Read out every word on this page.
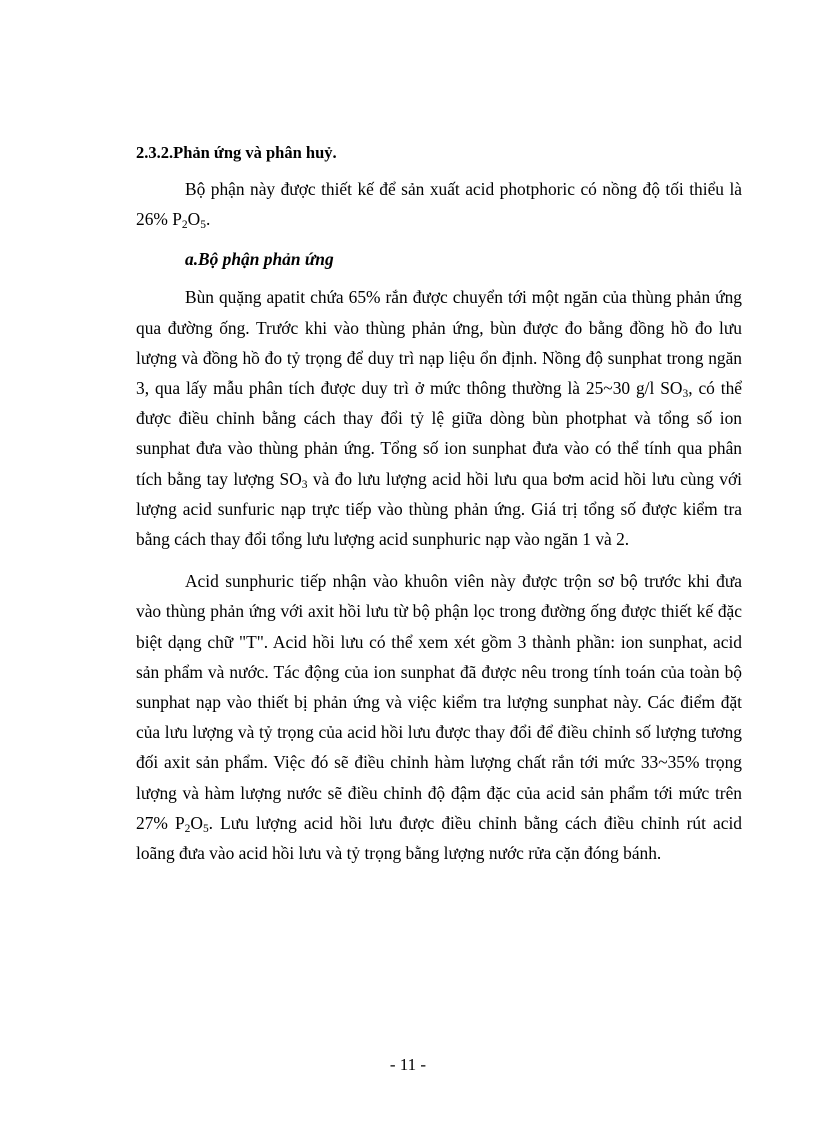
2.3.2.Phản ứng và phân huỷ.

Bộ phận này được thiết kế để sản xuất acid photphoric có nồng độ tối thiểu là 26% $P_2O_5$.

a.Bộ phận phản ứng

Bùn quặng apatit chứa 65% rắn được chuyển tới một ngăn của thùng phản ứng qua đường ống. Trước khi vào thùng phản ứng, bùn được đo bằng đồng hồ đo lưu lượng và đồng hồ đo tỷ trọng để duy trì nạp liệu ổn định. Nồng độ sunphat trong ngăn 3, qua lấy mẫu phân tích được duy trì ở mức thông thường là 25~30 g/l $SO_3$, có thể được điều chỉnh bằng cách thay đổi tỷ lệ giữa dòng bùn photphat và tổng số ion sunphat đưa vào thùng phản ứng. Tổng số ion sunphat đưa vào có thể tính qua phân tích bằng tay lượng $SO_3$ và đo lưu lượng acid hồi lưu qua bơm acid hồi lưu cùng với lượng acid sunfuric nạp trực tiếp vào thùng phản ứng. Giá trị tổng số được kiểm tra bằng cách thay đổi tổng lưu lượng acid sunphuric nạp vào ngăn 1 và 2.

Acid sunphuric tiếp nhận vào khuôn viên này được trộn sơ bộ trước khi đưa vào thùng phản ứng với axit hồi lưu từ bộ phận lọc trong đường ống được thiết kế đặc biệt dạng chữ "T". Acid hồi lưu có thể xem xét gồm 3 thành phần: ion sunphat, acid sản phẩm và nước. Tác động của ion sunphat đã được nêu trong tính toán của toàn bộ sunphat nạp vào thiết bị phản ứng và việc kiểm tra lượng sunphat này. Các điểm đặt của lưu lượng và tỷ trọng của acid hồi lưu được thay đổi để điều chỉnh số lượng tương đối axit sản phẩm. Việc đó sẽ điều chỉnh hàm lượng chất rắn tới mức 33~35% trọng lượng và hàm lượng nước sẽ điều chỉnh độ đậm đặc của acid sản phẩm tới mức trên 27% $P_2O_5$. Lưu lượng acid hồi lưu được điều chỉnh bằng cách điều chỉnh rút acid loãng đưa vào acid hồi lưu và tỷ trọng bằng lượng nước rửa cặn đóng bánh.

- 11 -
